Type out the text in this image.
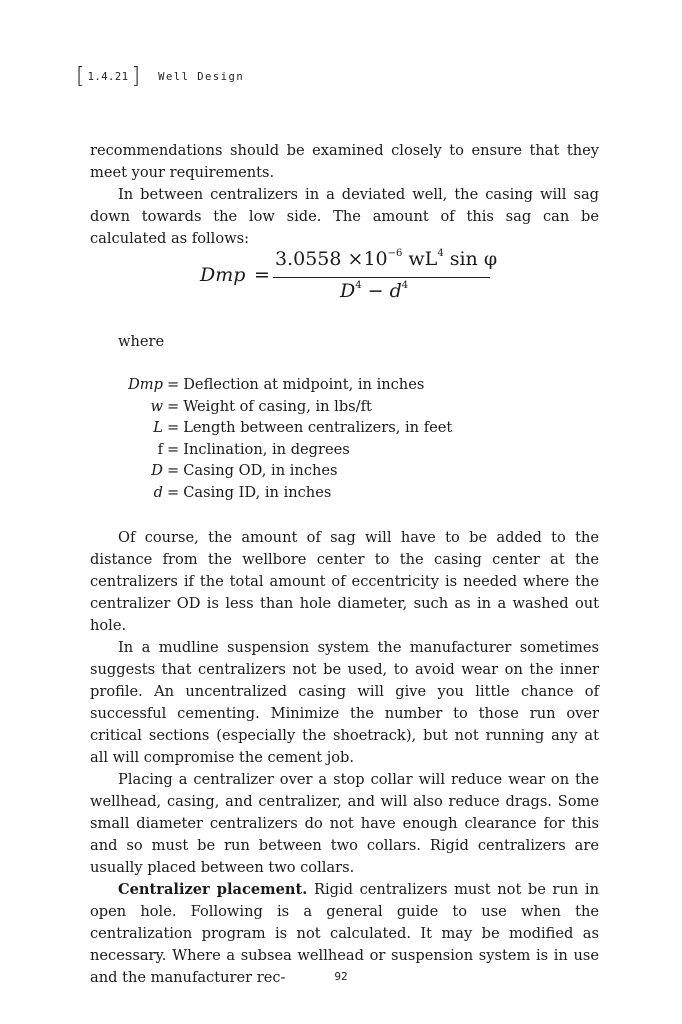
[ 1.4.21 ] Well Design

recommendations should be examined closely to ensure that they meet your requirements.

In between centralizers in a deviated well, the casing will sag down towards the low side. The amount of this sag can be calculated as follows:

Dmp =
$3.0558 \times 10^{-6}$ $wL^4$ sin φ
$D^4 - d^4$
where
Dmp = Deflection at midpoint, in inches
w = Weight of casing, in lbs/ft
L = Length between centralizers, in feet
f = Inclination, in degrees
D = Casing OD, in inches
d = Casing ID, in inches

Of course, the amount of sag will have to be added to the distance from the wellbore center to the casing center at the centralizers if the total amount of eccentricity is needed where the centralizer OD is less than hole diameter, such as in a washed out hole.

In a mudline suspension system the manufacturer sometimes suggests that centralizers not be used, to avoid wear on the inner profile. An uncentralized casing will give you little chance of successful cementing. Minimize the number to those run over critical sections (especially the shoetrack), but not running any at all will compromise the cement job.

Placing a centralizer over a stop collar will reduce wear on the wellhead, casing, and centralizer, and will also reduce drags. Some small diameter centralizers do not have enough clearance for this and so must be run between two collars. Rigid centralizers are usually placed between two collars.

Centralizer placement. Rigid centralizers must not be run in open hole. Following is a general guide to use when the centralization program is not calculated. It may be modified as necessary. Where a subsea wellhead or suspension system is in use and the manufacturer rec-	92
